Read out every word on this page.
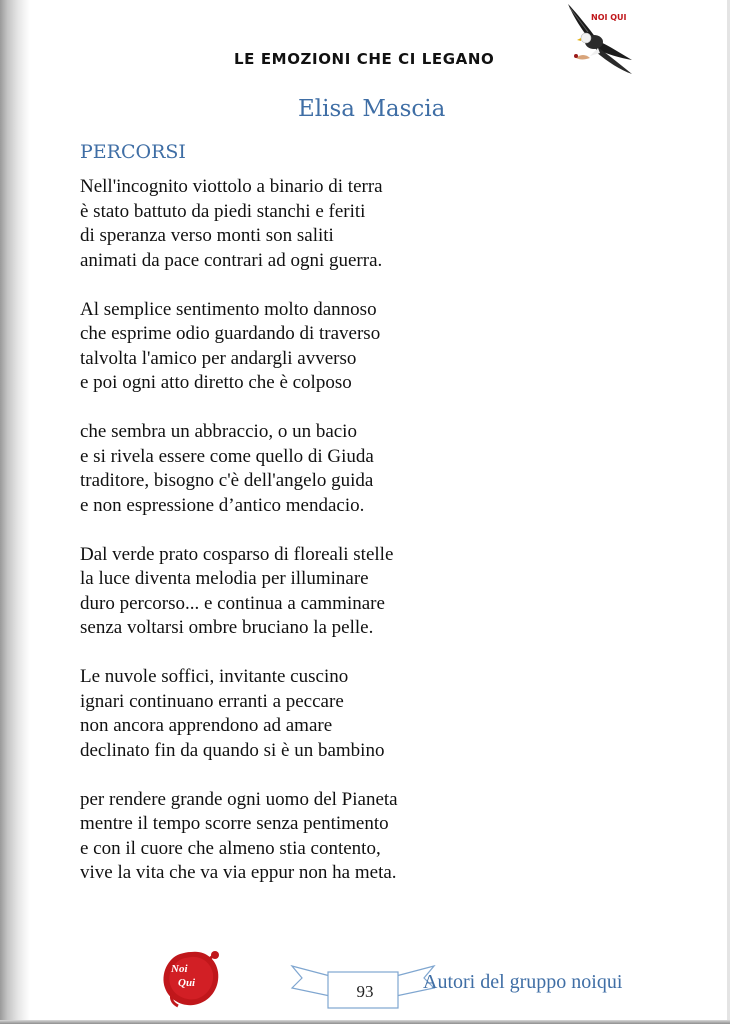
LE EMOZIONI CHE CI LEGANO
NOI QUI
Elisa Mascia
PERCORSI
Nell'incognito viottolo a binario di terra
è stato battuto da piedi stanchi e feriti
di speranza verso monti son saliti
animati da pace contrari ad ogni guerra.
Al semplice sentimento molto dannoso
che esprime odio guardando di traverso
talvolta l'amico per andargli avverso
e poi ogni atto diretto che è colposo
che sembra un abbraccio, o un bacio
e si rivela essere come quello di Giuda
traditore, bisogno c'è dell'angelo guida
e non espressione d’antico mendacio.
Dal verde prato cosparso di floreali stelle
la luce diventa melodia per illuminare
duro percorso... e continua a camminare
senza voltarsi ombre bruciano la pelle.
Le nuvole soffici, invitante cuscino
ignari continuano erranti a peccare
non ancora apprendono ad amare
declinato fin da quando si è un bambino
per rendere grande ogni uomo del Pianeta
mentre il tempo scorre senza pentimento
e con il cuore che almeno stia contento,
vive la vita che va via eppur non ha meta.
Noi
Qui	93	Autori del gruppo noiqui
